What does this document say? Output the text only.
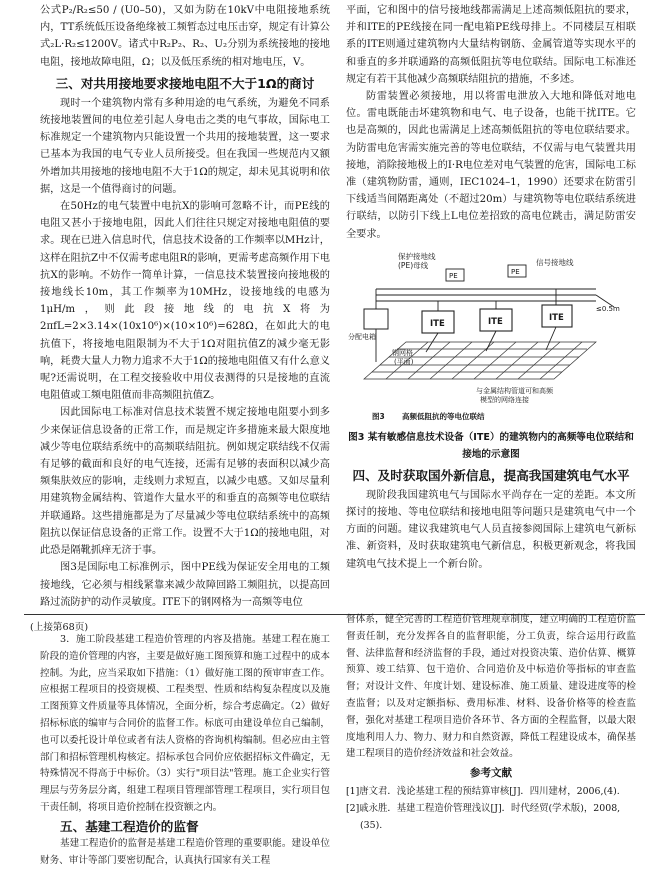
公式P₂/R₂≤50 / (U0–50)，又如为防在10kV中电阻接地系统内，TT系统低压设备绝缘被工频暂态过电压击穿，规定有计算公式₂L·R₂≤1200V。诸式中R₂P₂、R₂、U₂分别为系统接地的接地电阻，接地故障电阻，Ω；以及低压系统的相对地电压，V。

三、对共用接地要求接地电阻不大于1Ω的商讨

现时一个建筑物内常有多种用途的电气系统，为避免不同系统接地装置间的电位差引起人身电击之类的电气事故，国际电工标准规定一个建筑物内只能设置一个共用的接地装置，这一要求已基本为我国的电气专业人员所接受。但在我国一些规范内又额外增加共用接地的接地电阻不大于1Ω的规定，却未见其说明和依据，这是一个值得商讨的问题。

在50Hz的电气装置中电抗X的影响可忽略不计，而PE线的电阻又甚小于接地电阻，因此人们往往只规定对接地电阻值的要求。现在已进入信息时代，信息技术设备的工作频率以MHz计，这样在阻抗Z中不仅需考虑电阻R的影响，更需考虑高频作用下电抗X的影响。不妨作一简单计算，一信息技术装置接向接地极的接地线长10m，其工作频率为10MHz，设接地线的电感为1μH/m，则此段接地线的电抗X将为2πfL=2×3.14×(10x10⁶)×(10×10⁶)=628Ω，在如此大的电抗值下，将接地电阻限制为不大于1Ω对阻抗值Z的减少毫无影响，耗费大量人力物力追求不大于1Ω的接地电阻值又有什么意义呢?还需说明，在工程交接验收中用仪表测得的只是接地的直流电阻值或工频电阻值而非高频阻抗值Z。

因此国际电工标准对信息技术装置不规定接地电阻要小到多少来保证信息设备的正常工作，而是规定许多措施来最大限度地减少等电位联结系统中的高频联结阻抗。例如规定联结线不仅需有足够的截面和良好的电气连接，还需有足够的表面积以减少高频集肤效应的影响，走线则力求短直，以减少电感。又如尽量利用建筑物金属结构、管道作大量水平的和垂直的高频等电位联结并联通路。这些措施都是为了尽量减少等电位联结系统中的高频阻抗以保证信息设备的正常工作。设置不大于1Ω的接地电阻，对此恐是隔靴抓痒无济于事。

图3是国际电工标准例示，图中PE线为保证安全用电的工频接地线，它必须与相线紧靠来减少故障回路工频阻抗，以提高回路过流防护的动作灵敏度。ITE下的钢网格为一高频等电位

平面，它和图中的信号接地线都需满足上述高频低阻抗的要求，并和ITE的PE线接在同一配电箱PE线母排上。不同楼层互相联系的ITE则通过建筑物内大量结构钢筋、金属管道等实现水平的和垂直的多并联通路的高频低阻抗等电位联结。国际电工标准还规定有若干其他减少高频联结阻抗的措施，不多述。

防雷装置必须接地，用以将雷电泄放入大地和降低对地电位。雷电既能击坏建筑物和电气、电子设备，也能干扰ITE。它也是高频的，因此也需满足上述高频低阻抗的等电位联结要求。为防雷电危害需实施完善的等电位联结，不仅需与电气装置共用接地，消除接地极上的I·R电位差对电气装置的危害，国际电工标准（建筑物防雷，通则，IEC1024–1，1990）还要求在防雷引下线适当间隔距离处（不超过20m）与建筑物等电位联结系统进行联结，以防引下线上L电位差招致的高电位跳击，满足防雷安全要求。

保护接地线
(PE)母线
PE	PE
ITE	ITE	ITE
信号接地线
分配电箱
钢网格
(平面)
≤0.5m
与金属结构管道可和高频
模型的网络连接
图3 高频低阻抗的等电位联结

图3 某有敏感信息技术设备（ITE）的建筑物内的高频等电位联结和接地的示意图

四、及时获取国外新信息，提高我国建筑电气水平

现阶段我国建筑电气与国际水平尚存在一定的差距。本文所探讨的接地、等电位联结和接地电阻等问题只是建筑电气中一个方面的问题。建议我建筑电气人员直接参阅国际上建筑电气新标准、新资料，及时获取建筑电气新信息，积极更新观念，将我国建筑电气技术提上一个新台阶。

(上接第68页)

3．施工阶段基建工程造价管理的内容及措施。基建工程在施工阶段的造价管理的内容，主要是做好施工图预算和施工过程中的成本控制。为此，应当采取如下措施：（1）做好施工图的预审审查工作。应根据工程项目的投资规模、工程类型、性质和结构复杂程度以及施工图预算文件质量等具体情况，全面分析，综合考虑确定。（2）做好招标标底的编审与合同价的监督工作。标底可由建设单位自己编制，也可以委托设计单位或者有法人资格的咨询机构编制。但必应由主管部门和招标管理机构核定。招标承包合同价应依据招标文件确定，无特殊情况不得高于中标价。（3）实行"项目法"管理。施工企业实行管理层与劳务层分离，组建工程项目管理部管理工程项目，实行项目包干责任制，将项目造价控制在投资额之内。

五、基建工程造价的监督

基建工程造价的监督是基建工程造价管理的重要职能。建设单位财务、审计等部门要密切配合，认真执行国家有关工程

督体系，健全完善的工程造价管理规章制度，建立明确的工程造价监督责任制，充分发挥各自的监督职能，分工负责，综合运用行政监督、法律监督和经济监督的手段，通过对投资决策、造价估算、概算预算、竣工结算、包干造价、合同造价及中标造价等指标的审查监督；对设计文件、年度计划、建设标准、施工质量、建设进度等的检查监督；以及对定额指标、费用标准、材料、设备价格等的检查监督，强化对基建工程项目造价各环节、各方面的全程监督，以最大限度地利用人力、物力、财力和自然资源，降低工程建设成本，确保基建工程项目的造价经济效益和社会效益。

参考文献

[1]唐文君．浅论基建工程的预结算审核[J]．四川建材，2006,(4).

[2]戚永胜．基建工程造价管理浅议[J]．时代经贸(学术版)，2008,(35).
